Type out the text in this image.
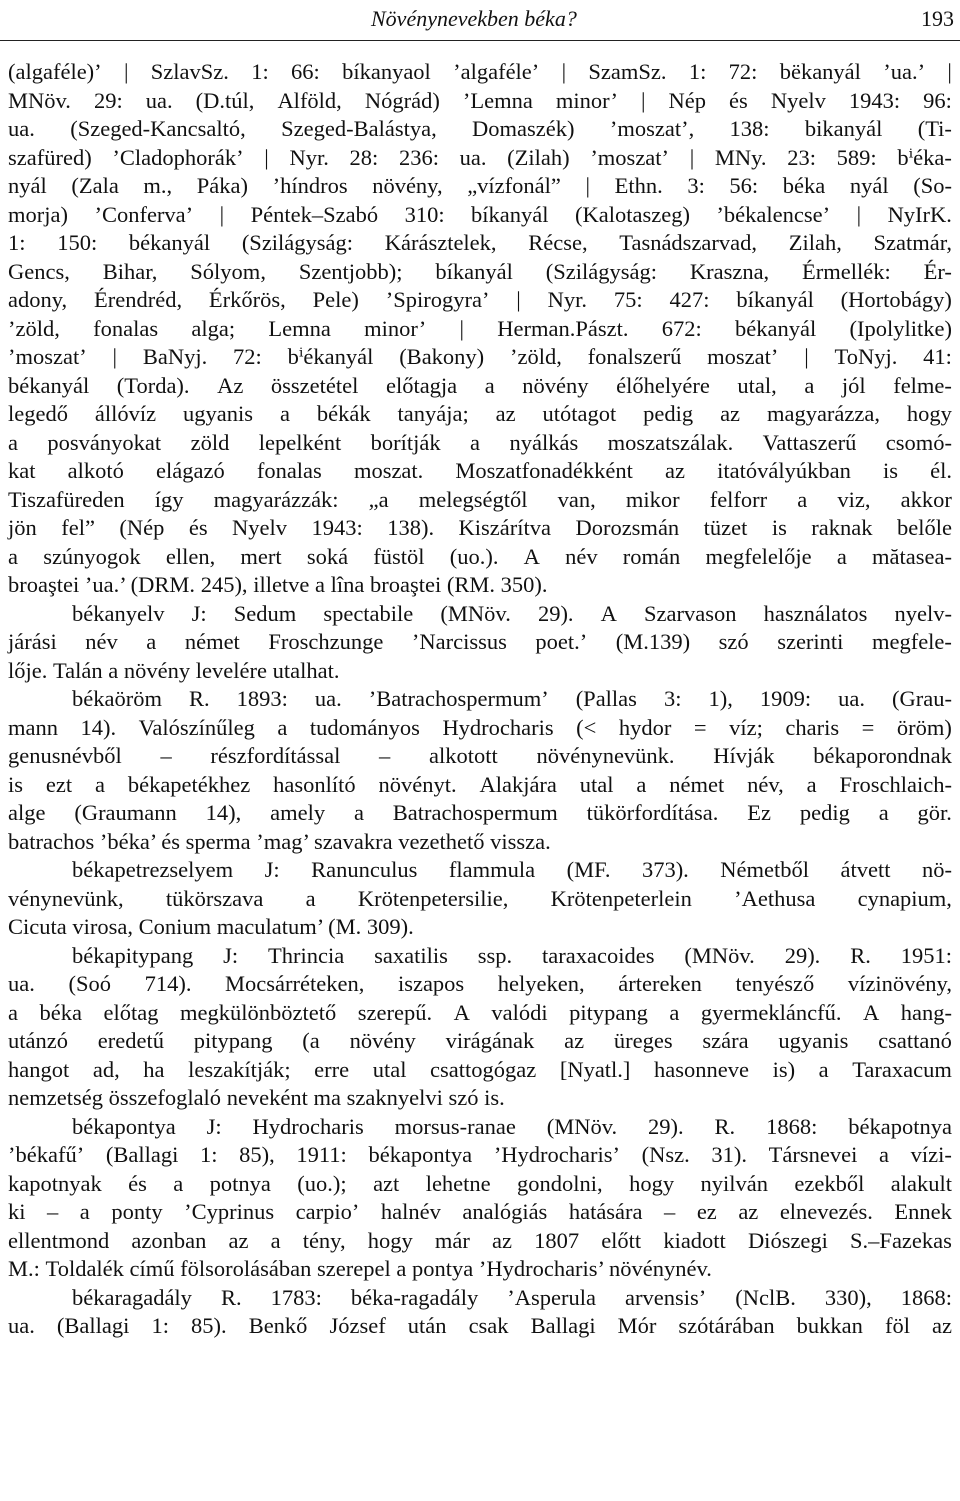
Növénynevekben béka?	193
(algaféle)’ | SzlavSz. 1: 66: bíkanyaol ’algaféle’ | SzamSz. 1: 72: bëkanyál ’ua.’ |
MNöv. 29: ua. (D.túl, Alföld, Nógrád) ’Lemna minor’ | Nép és Nyelv 1943: 96:
ua. (Szeged-Kancsaltó, Szeged-Balástya, Domaszék) ’moszat’, 138: bikanyál (Ti-
szafüred) ’Cladophorák’ | Nyr. 28: 236: ua. (Zilah) ’moszat’ | MNy. 23: 589: bⁱéka-
nyál (Zala m., Páka) ’híndros növény, „vízfonál” | Ethn. 3: 56: béka nyál (So-
morja) ’Conferva’ | Péntek–Szabó 310: bíkanyál (Kalotaszeg) ’békalencse’ | NyIrK.
1: 150: békanyál (Szilágyság: Kárásztelek, Récse, Tasnádszarvad, Zilah, Szatmár,
Gencs, Bihar, Sólyom, Szentjobb); bíkanyál (Szilágyság: Kraszna, Érmellék: Ér-
adony, Érendréd, Érkőrös, Pele) ’Spirogyra’ | Nyr. 75: 427: bíkanyál (Hortobágy)
’zöld, fonalas alga; Lemna minor’ | Herman.Pászt. 672: békanyál (Ipolylitke)
’moszat’ | BaNyj. 72: bⁱékanyál (Bakony) ’zöld, fonalszerű moszat’ | ToNyj. 41:
békanyál (Torda). Az összetétel előtagja a növény élőhelyére utal, a jól felme-
legedő állóvíz ugyanis a békák tanyája; az utótagot pedig az magyarázza, hogy
a posványokat zöld lepelként borítják a nyálkás moszatszálak. Vattaszerű csomó-
kat alkotó elágazó fonalas moszat. Moszatfonadékként az itatóvályúkban is él.
Tiszafüreden így magyarázzák: „a melegségtől van, mikor felforr a viz, akkor
jön fel” (Nép és Nyelv 1943: 138). Kiszárítva Dorozsmán tüzet is raknak belőle
a szúnyogok ellen, mert soká füstöl (uo.). A név román megfelelője a mătasea-
broaştei ’ua.’ (DRM. 245), illetve a lîna broaştei (RM. 350).
békanyelv J: Sedum spectabile (MNöv. 29). A Szarvason használatos nyelv-
járási név a német Froschzunge ’Narcissus poet.’ (M.139) szó szerinti megfele-
lője. Talán a növény levelére utalhat.
békaöröm R. 1893: ua. ’Batrachospermum’ (Pallas 3: 1), 1909: ua. (Grau-
mann 14). Valószínűleg a tudományos Hydrocharis (< hydor = víz; charis = öröm)
genusnévből – részfordítással – alkotott növénynevünk. Hívják békaporondnak
is ezt a békapetékhez hasonlító növényt. Alakjára utal a német név, a Froschlaich-
alge (Graumann 14), amely a Batrachospermum tükörfordítása. Ez pedig a gör.
batrachos ’béka’ és sperma ’mag’ szavakra vezethető vissza.
békapetrezselyem J: Ranunculus flammula (MF. 373). Németből átvett nö-
vénynevünk, tükörszava a Krötenpetersilie, Krötenpeterlein ’Aethusa cynapium,
Cicuta virosa, Conium maculatum’ (M. 309).
békapitypang J: Thrincia saxatilis ssp. taraxacoides (MNöv. 29). R. 1951:
ua. (Soó 714). Mocsárréteken, iszapos helyeken, ártereken tenyésző vízinövény,
a béka előtag megkülönböztető szerepű. A valódi pitypang a gyermekláncfű. A hang-
utánzó eredetű pitypang (a növény virágának az üreges szára ugyanis csattanó
hangot ad, ha leszakítják; erre utal csattogógaz [Nyatl.] hasonneve is) a Taraxacum
nemzetség összefoglaló neveként ma szaknyelvi szó is.
békapontya J: Hydrocharis morsus-ranae (MNöv. 29). R. 1868: békapotnya
’békafű’ (Ballagi 1: 85), 1911: békapontya ’Hydrocharis’ (Nsz. 31). Társnevei a vízi-
kapotnyak és a potnya (uo.); azt lehetne gondolni, hogy nyilván ezekből alakult
ki – a ponty ’Cyprinus carpio’ halnév analógiás hatására – ez az elnevezés. Ennek
ellentmond azonban az a tény, hogy már az 1807 előtt kiadott Diószegi S.–Fazekas
M.: Toldalék című fölsorolásában szerepel a pontya ’Hydrocharis’ növénynév.
békaragadály R. 1783: béka-ragadály ’Asperula arvensis’ (NclB. 330), 1868:
ua. (Ballagi 1: 85). Benkő József után csak Ballagi Mór szótárában bukkan föl az
